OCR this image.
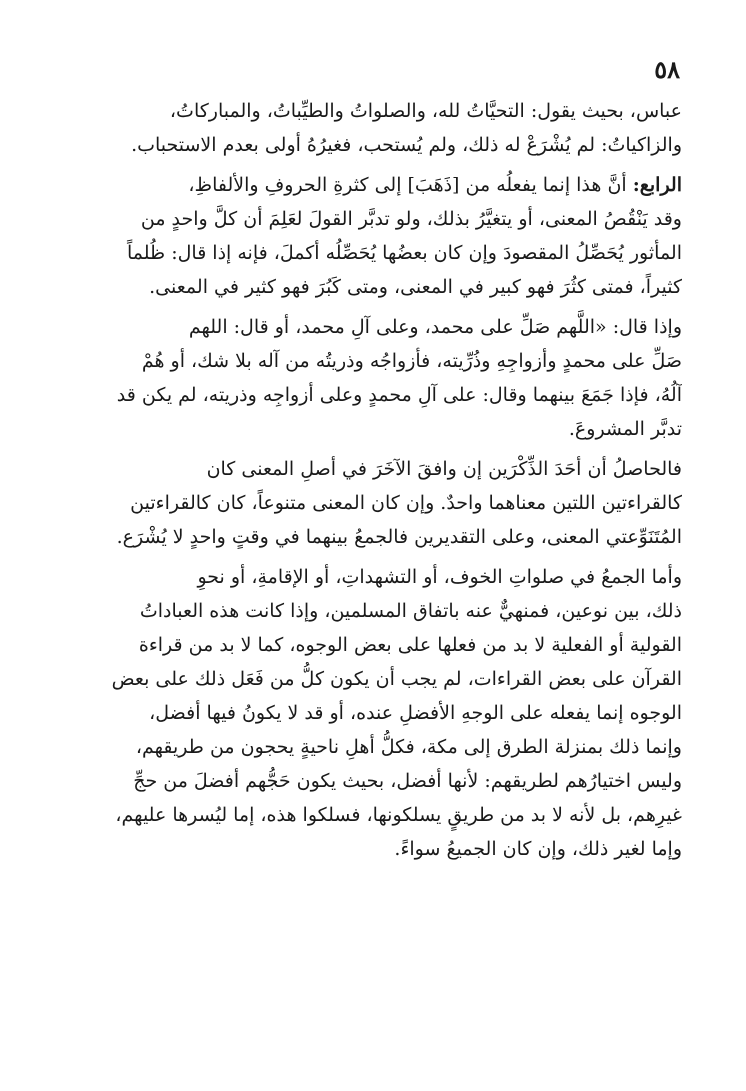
٥٨
عباس، بحيث يقول: التحيَّاتُ لله، والصلواتُ والطيِّباتُ، والمباركاتُ،
والزاكياتُ: لم يُشْرَعْ له ذلك، ولم يُستحب، فغيرُهُ أولى بعدم الاستحباب.
الرابع: أنَّ هذا إنما يفعلُه من [ذَهَبَ] إلى كثرةِ الحروفِ والألفاظِ،
وقد يَنْقُصُ المعنى، أو يتغيَّرُ بذلك، ولو تدبَّر القولَ لعَلِمَ أن كلَّ واحدٍ من
المأثور يُحَصِّلُ المقصودَ وإن كان بعضُها يُحَصِّلُه أكملَ، فإنه إذا قال: ظُلماً
كثيراً، فمتى كثُرَ فهو كبير في المعنى، ومتى كَبُرَ فهو كثير في المعنى.
وإذا قال: «اللَّهم صَلِّ على محمد، وعلى آلِ محمد، أو قال: اللهم
صَلِّ على محمدٍ وأزواجِهِ وذُرِّيته، فأزواجُه وذريتُه من آله بلا شك، أو هُمْ
آلُهُ، فإذا جَمَعَ بينهما وقال: على آلِ محمدٍ وعلى أزواجِه وذريته، لم يكن قد
تدبَّر المشروعَ.
فالحاصلُ أن أحَدَ الذِّكْرَين إن وافقَ الآخَرَ في أصلِ المعنى كان
كالقراءتين اللتين معناهما واحدٌ. وإن كان المعنى متنوعاً، كان كالقراءتين
المُتَنَوِّعتي المعنى، وعلى التقديرين فالجمعُ بينهما في وقتٍ واحدٍ لا يُشْرَع.
وأما الجمعُ في صلواتِ الخوف، أو التشهداتِ، أو الإقامةِ، أو نحوِ
ذلك، بين نوعين، فمنهيٌّ عنه باتفاق المسلمين، وإذا كانت هذه العباداتُ
القولية أو الفعلية لا بد من فعلها على بعض الوجوه، كما لا بد من قراءة
القرآن على بعض القراءات، لم يجب أن يكون كلُّ من فَعَل ذلك على بعض
الوجوه إنما يفعله على الوجهِ الأفضلِ عنده، أو قد لا يكونُ فيها أفضل،
وإنما ذلك بمنزلة الطرق إلى مكة، فكلُّ أهلِ ناحيةٍ يحجون من طريقهم،
وليس اختيارُهم لطريقهم: لأنها أفضل، بحيث يكون حَجُّهم أفضلَ من حجِّ
غيرِهم، بل لأنه لا بد من طريقٍ يسلكونها، فسلكوا هذه، إما ليُسرها عليهم،
وإما لغير ذلك، وإن كان الجميعُ سواءً.
